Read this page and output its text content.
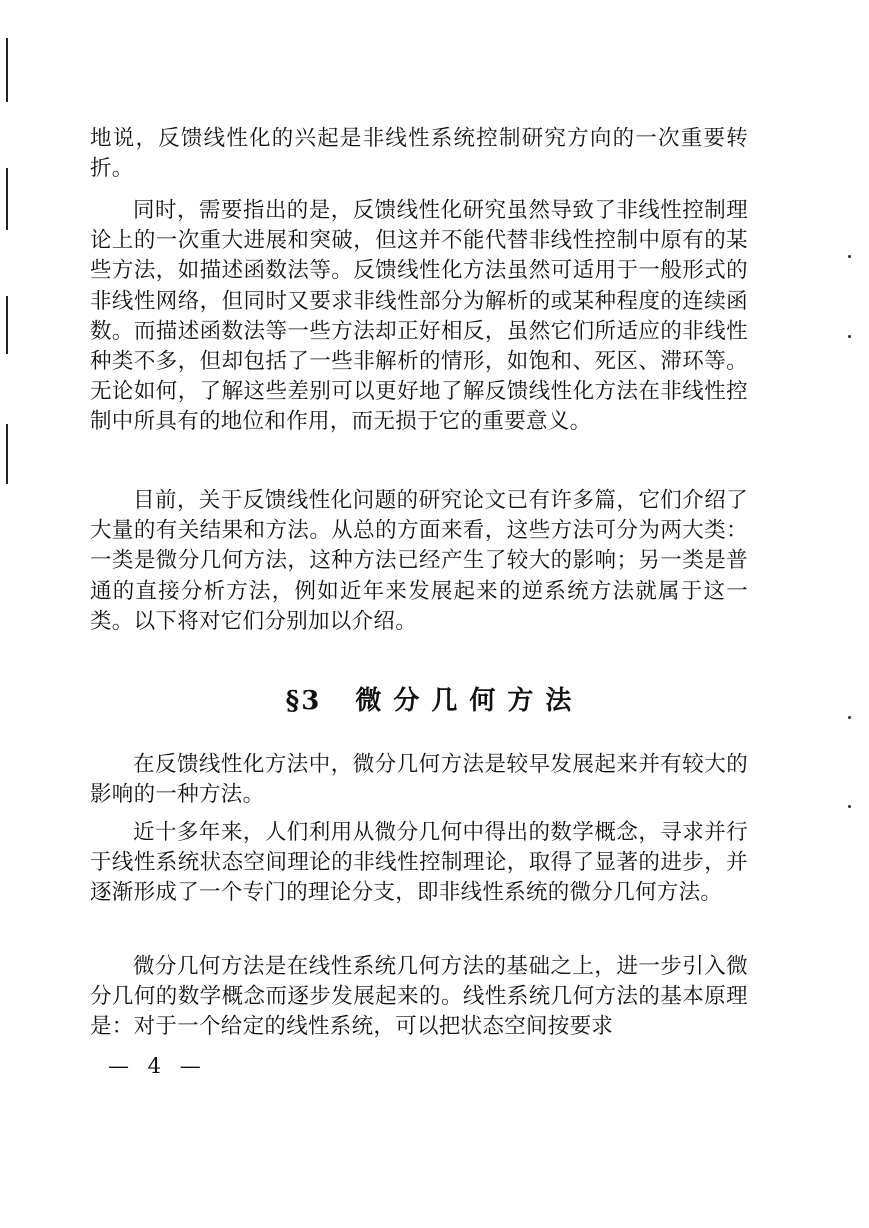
地说，反馈线性化的兴起是非线性系统控制研究方向的一次重要转折。

同时，需要指出的是，反馈线性化研究虽然导致了非线性控制理论上的一次重大进展和突破，但这并不能代替非线性控制中原有的某些方法，如描述函数法等。反馈线性化方法虽然可适用于一般形式的非线性网络，但同时又要求非线性部分为解析的或某种程度的连续函数。而描述函数法等一些方法却正好相反，虽然它们所适应的非线性种类不多，但却包括了一些非解析的情形，如饱和、死区、滞环等。无论如何，了解这些差别可以更好地了解反馈线性化方法在非线性控制中所具有的地位和作用，而无损于它的重要意义。

目前，关于反馈线性化问题的研究论文已有许多篇，它们介绍了大量的有关结果和方法。从总的方面来看，这些方法可分为两大类：一类是微分几何方法，这种方法已经产生了较大的影响；另一类是普通的直接分析方法，例如近年来发展起来的逆系统方法就属于这一类。以下将对它们分别加以介绍。

§3 微分几何方法

在反馈线性化方法中，微分几何方法是较早发展起来并有较大的影响的一种方法。

近十多年来，人们利用从微分几何中得出的数学概念，寻求并行于线性系统状态空间理论的非线性控制理论，取得了显著的进步，并逐渐形成了一个专门的理论分支，即非线性系统的微分几何方法。

微分几何方法是在线性系统几何方法的基础之上，进一步引入微分几何的数学概念而逐步发展起来的。线性系统几何方法的基本原理是：对于一个给定的线性系统，可以把状态空间按要求

— 4 —
